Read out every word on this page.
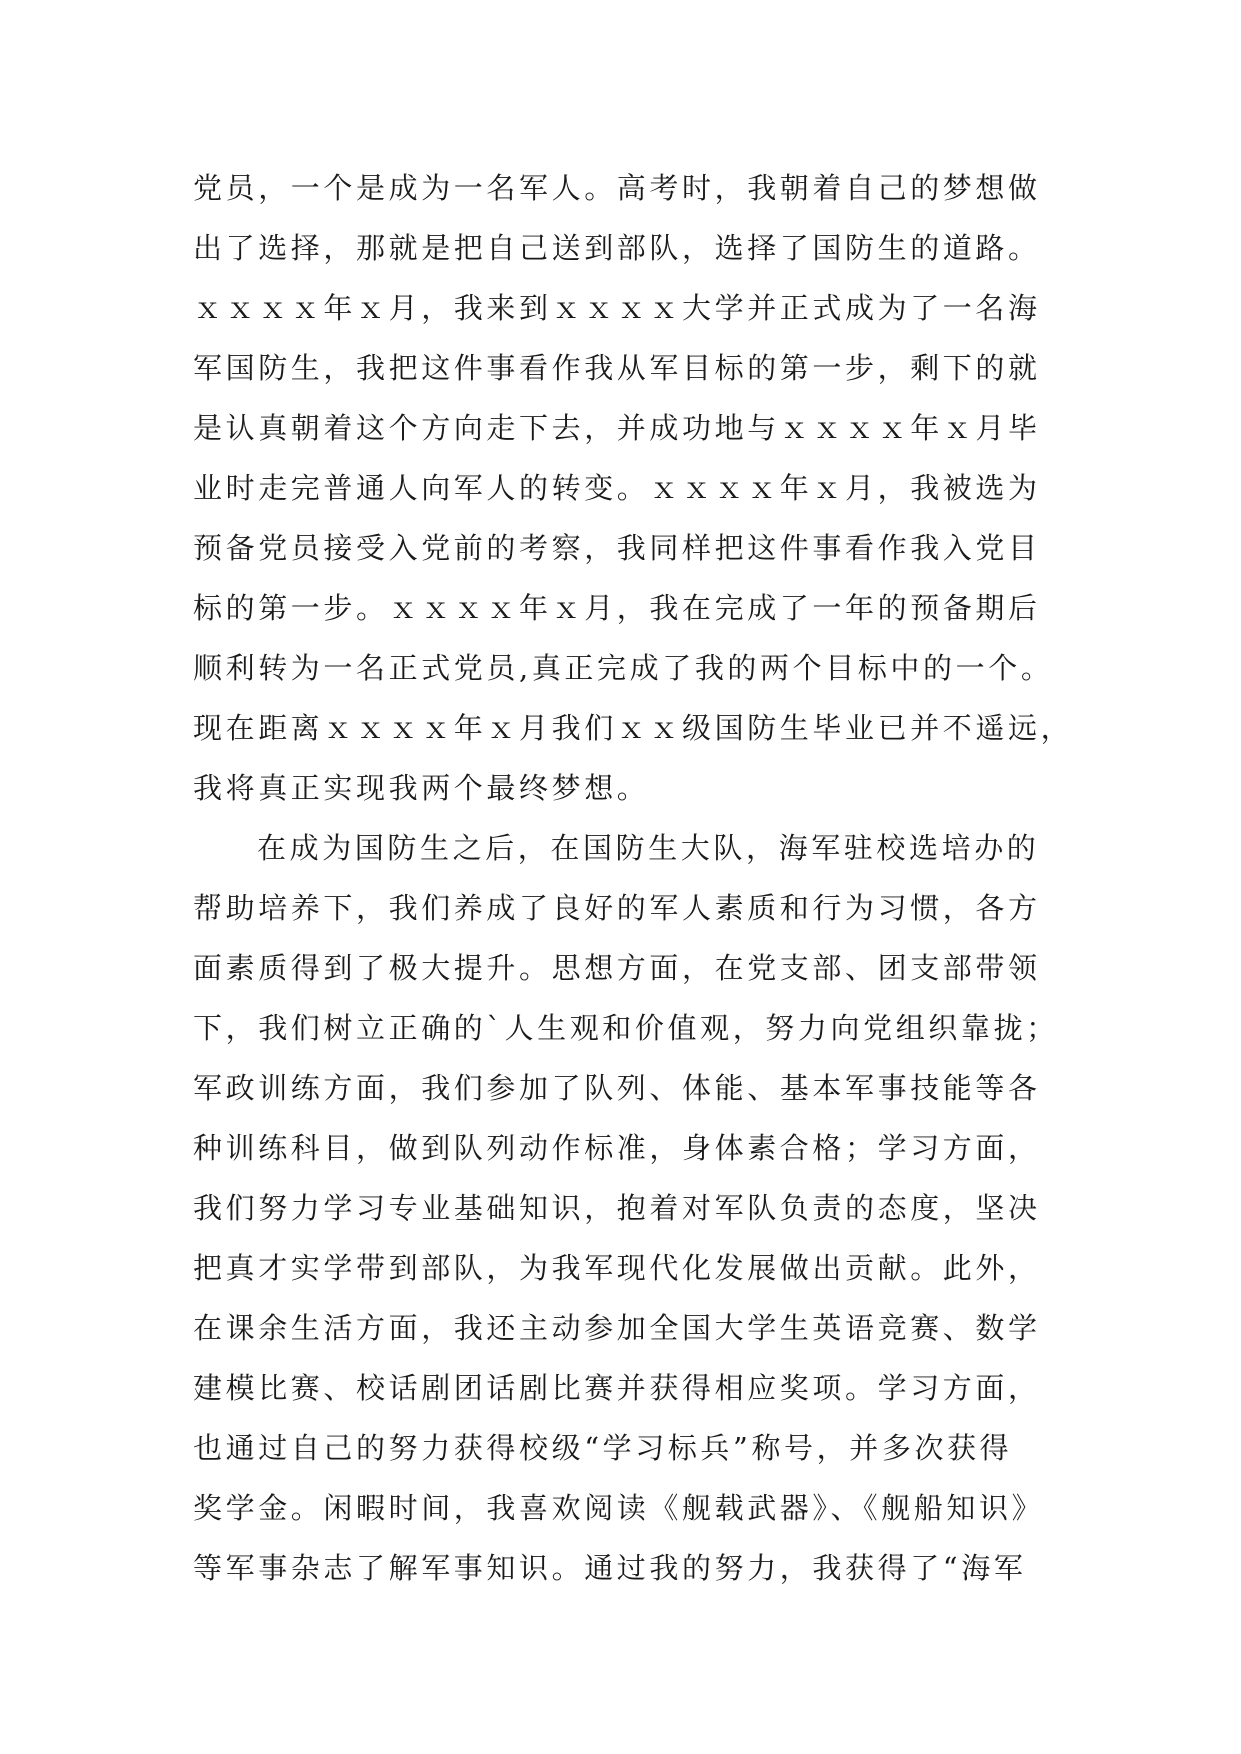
党员，一个是成为一名军人。高考时，我朝着自己的梦想做
出了选择，那就是把自己送到部队，选择了国防生的道路。
ｘｘｘｘ年ｘ月，我来到ｘｘｘｘ大学并正式成为了一名海
军国防生，我把这件事看作我从军目标的第一步，剩下的就
是认真朝着这个方向走下去，并成功地与ｘｘｘｘ年ｘ月毕
业时走完普通人向军人的转变。ｘｘｘｘ年ｘ月，我被选为
预备党员接受入党前的考察，我同样把这件事看作我入党目
标的第一步。ｘｘｘｘ年ｘ月，我在完成了一年的预备期后
顺利转为一名正式党员,真正完成了我的两个目标中的一个。
现在距离ｘｘｘｘ年ｘ月我们ｘｘ级国防生毕业已并不遥远，
我将真正实现我两个最终梦想。
在成为国防生之后，在国防生大队，海军驻校选培办的
帮助培养下，我们养成了良好的军人素质和行为习惯，各方
面素质得到了极大提升。思想方面，在党支部、团支部带领
下，我们树立正确的`人生观和价值观，努力向党组织靠拢；
军政训练方面，我们参加了队列、体能、基本军事技能等各
种训练科目，做到队列动作标准，身体素合格；学习方面，
我们努力学习专业基础知识，抱着对军队负责的态度，坚决
把真才实学带到部队，为我军现代化发展做出贡献。此外，
在课余生活方面，我还主动参加全国大学生英语竞赛、数学
建模比赛、校话剧团话剧比赛并获得相应奖项。学习方面，
也通过自己的努力获得校级“学习标兵”称号，并多次获得
奖学金。闲暇时间，我喜欢阅读《舰载武器》、《舰船知识》
等军事杂志了解军事知识。通过我的努力，我获得了“海军
